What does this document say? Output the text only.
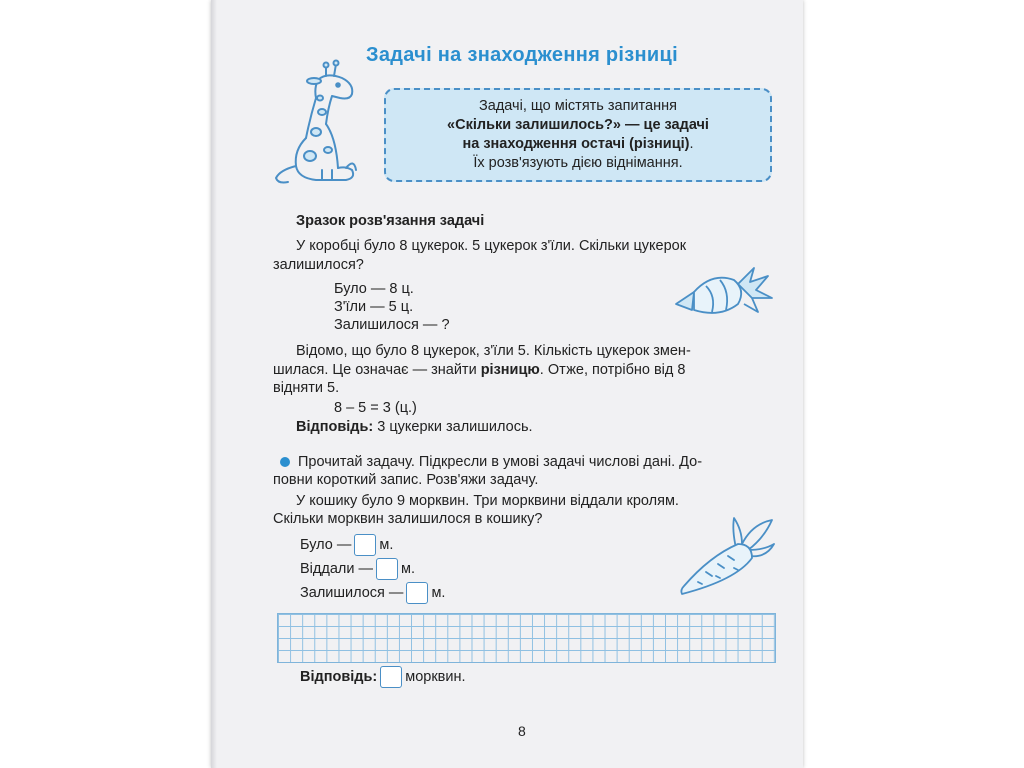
Задачі на знаходження різниці
Задачі, що містять запитання
«Скільки залишилось?» — це задачі
на знаходження остачі (різниці).
Їх розв'язують дією віднімання.
Зразок розв'язання задачі
У коробці було 8 цукерок. 5 цукерок з'їли. Скільки цукерок
залишилося?
Було — 8 ц.
З'їли — 5 ц.
Залишилося — ?
Відомо, що було 8 цукерок, з'їли 5. Кількість цукерок змен-
шилася. Це означає — знайти різницю. Отже, потрібно від 8
відняти 5.
8 – 5 = 3 (ц.)
Відповідь: 3 цукерки залишилось.
Прочитай задачу. Підкресли в умові задачі числові дані. До-
повни короткий запис. Розв'яжи задачу.
У кошику було 9 морквин. Три морквини віддали кролям.
Скільки морквин залишилося в кошику?
Було — м.
Віддали — м.
Залишилося — м.
Відповідь: морквин.
8
